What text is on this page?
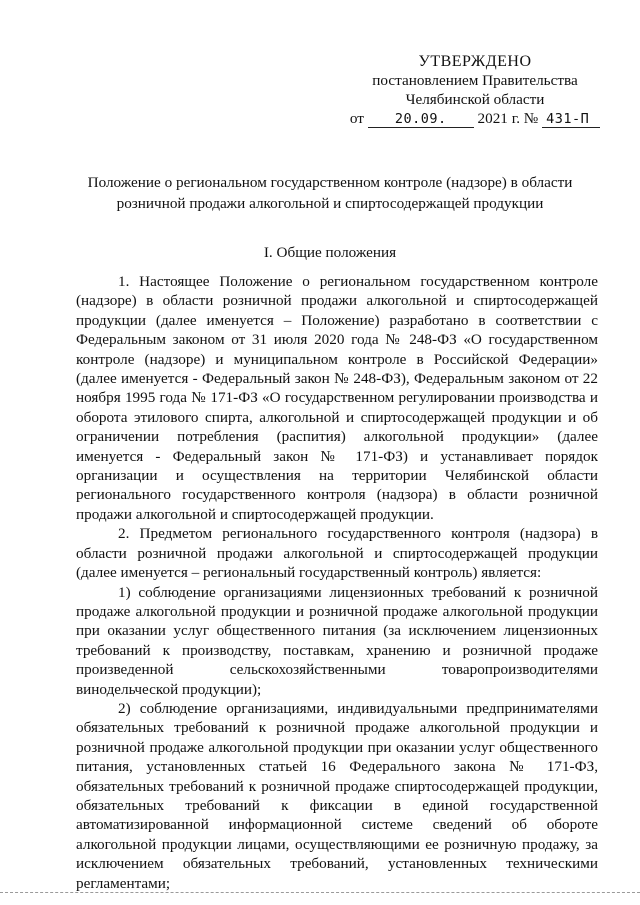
УТВЕРЖДЕНО
постановлением Правительства
Челябинской области
от 20.09. 2021 г. № 431-П
Положение о региональном государственном контроле (надзоре) в области
розничной продажи алкогольной и спиртосодержащей продукции
I. Общие положения

1. Настоящее Положение о региональном государственном контроле (надзоре) в области розничной продажи алкогольной и спиртосодержащей продукции (далее именуется – Положение) разработано в соответствии с Федеральным законом от 31 июля 2020 года № 248-ФЗ «О государственном контроле (надзоре) и муниципальном контроле в Российской Федерации» (далее именуется - Федеральный закон № 248-ФЗ), Федеральным законом от 22 ноября 1995 года № 171-ФЗ «О государственном регулировании производства и оборота этилового спирта, алкогольной и спиртосодержащей продукции и об ограничении потребления (распития) алкогольной продукции» (далее именуется - Федеральный закон № 171-ФЗ) и устанавливает порядок организации и осуществления на территории Челябинской области регионального государственного контроля (надзора) в области розничной продажи алкогольной и спиртосодержащей продукции.

2. Предметом регионального государственного контроля (надзора) в области розничной продажи алкогольной и спиртосодержащей продукции (далее именуется – региональный государственный контроль) является:

1) соблюдение организациями лицензионных требований к розничной продаже алкогольной продукции и розничной продаже алкогольной продукции при оказании услуг общественного питания (за исключением лицензионных требований к производству, поставкам, хранению и розничной продаже произведенной сельскохозяйственными товаропроизводителями винодельческой продукции);

2) соблюдение организациями, индивидуальными предпринимателями обязательных требований к розничной продаже алкогольной продукции и розничной продаже алкогольной продукции при оказании услуг общественного питания, установленных статьей 16 Федерального закона № 171-ФЗ, обязательных требований к розничной продаже спиртосодержащей продукции, обязательных требований к фиксации в единой государственной автоматизированной информационной системе сведений об обороте алкогольной продукции лицами, осуществляющими ее розничную продажу, за исключением обязательных требований, установленных техническими регламентами;
